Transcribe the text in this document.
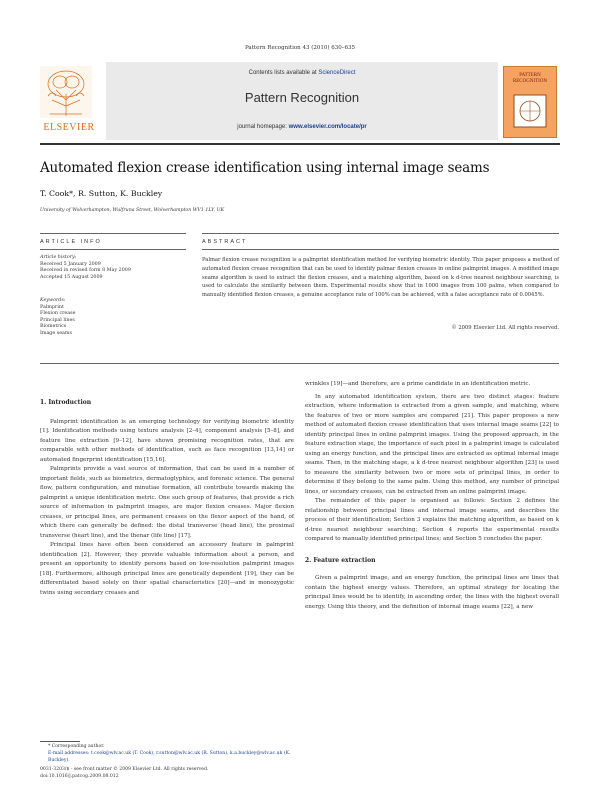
Pattern Recognition 43 (2010) 630–635
ELSEVIER
Contents lists available at ScienceDirect
Pattern Recognition
journal homepage: www.elsevier.com/locate/pr
PATTERN RECOGNITION
Automated flexion crease identification using internal image seams
T. Cook*, R. Sutton, K. Buckley
University of Wolverhampton, Wulfruna Street, Wolverhampton WV1 1LY, UK
ARTICLE INFO	ABSTRACT
Article history:
Received 5 January 2009
Received in revised form 8 May 2009
Accepted 15 August 2009
Keywords:
Palmprint
Flexion crease
Principal lines
Biometrics
Image seams
Palmar flexion crease recognition is a palmprint identification method for verifying biometric identity. This paper proposes a method of automated flexion crease recognition that can be used to identify palmar flexion creases in online palmprint images. A modified image seams algorithm is used to extract the flexion creases, and a matching algorithm, based on k d-tree nearest neighbour searching, is used to calculate the similarity between them. Experimental results show that in 1000 images from 100 palms, when compared to manually identified flexion creases, a genuine acceptance rate of 100% can be achieved, with a false acceptance rate of 0.0045%.
© 2009 Elsevier Ltd. All rights reserved.
1. Introduction

Palmprint identification is an emerging technology for verifying biometric identity [1]. Identification methods using texture analysis [2–4], component analysis [5–8], and feature line extraction [9–12], have shown promising recognition rates, that are comparable with other methods of identification, such as face recognition [13,14] or automated fingerprint identification [15,16].

Palmprints provide a vast source of information, that can be used in a number of important fields, such as biometrics, dermatoglyphics, and forensic science. The general flow, pattern configuration, and minutiae formation, all contribute towards making the palmprint a unique identification metric. One such group of features, that provide a rich source of information in palmprint images, are major flexion creases. Major flexion creases, or principal lines, are permanent creases on the flexor aspect of the hand, of which there can generally be defined: the distal transverse (head line), the proximal transverse (heart line), and the thenar (life line) [17].

Principal lines have often been considered an accessory feature in palmprint identification [2]. However, they provide valuable information about a person, and present an opportunity to identify persons based on low-resolution palmprint images [18]. Furthermore, although principal lines are genetically dependent [19], they can be differentiated based solely on their spatial characteristics [20]—and in monozygotic twins using secondary creases and

wrinkles [19]—and therefore, are a prime candidate in an identification metric.

In any automated identification system, there are two distinct stages: feature extraction, where information is extracted from a given sample, and matching, where the features of two or more samples are compared [21]. This paper proposes a new method of automated flexion crease identification that uses internal image seams [22] to identify principal lines in online palmprint images. Using the proposed approach, in the feature extraction stage, the importance of each pixel in a palmprint image is calculated using an energy function, and the principal lines are extracted as optimal internal image seams. Then, in the matching stage, a k d-tree nearest neighbour algorithm [23] is used to measure the similarity between two or more sets of principal lines, in order to determine if they belong to the same palm. Using this method, any number of principal lines, or secondary creases, can be extracted from an online palmprint image.

The remainder of this paper is organised as follows: Section 2 defines the relationship between principal lines and internal image seams, and describes the process of their identification; Section 3 explains the matching algorithm, as based on k d-tree nearest neighbour searching; Section 4 reports the experimental results compared to manually identified principal lines; and Section 5 concludes the paper.

2. Feature extraction

Given a palmprint image, and an energy function, the principal lines are lines that contain the highest energy values. Therefore, an optimal strategy for locating the principal lines would be to identify, in ascending order, the lines with the highest overall energy. Using this theory, and the definition of internal image seams [22], a new

* Corresponding author.
E-mail addresses: t.cook@wlv.ac.uk (T. Cook), r.sutton@wlv.ac.uk (R. Sutton), k.a.buckley@wlv.ac.uk (K. Buckley).
0031-3203/$ - see front matter © 2009 Elsevier Ltd. All rights reserved.
doi:10.1016/j.patcog.2009.08.012
